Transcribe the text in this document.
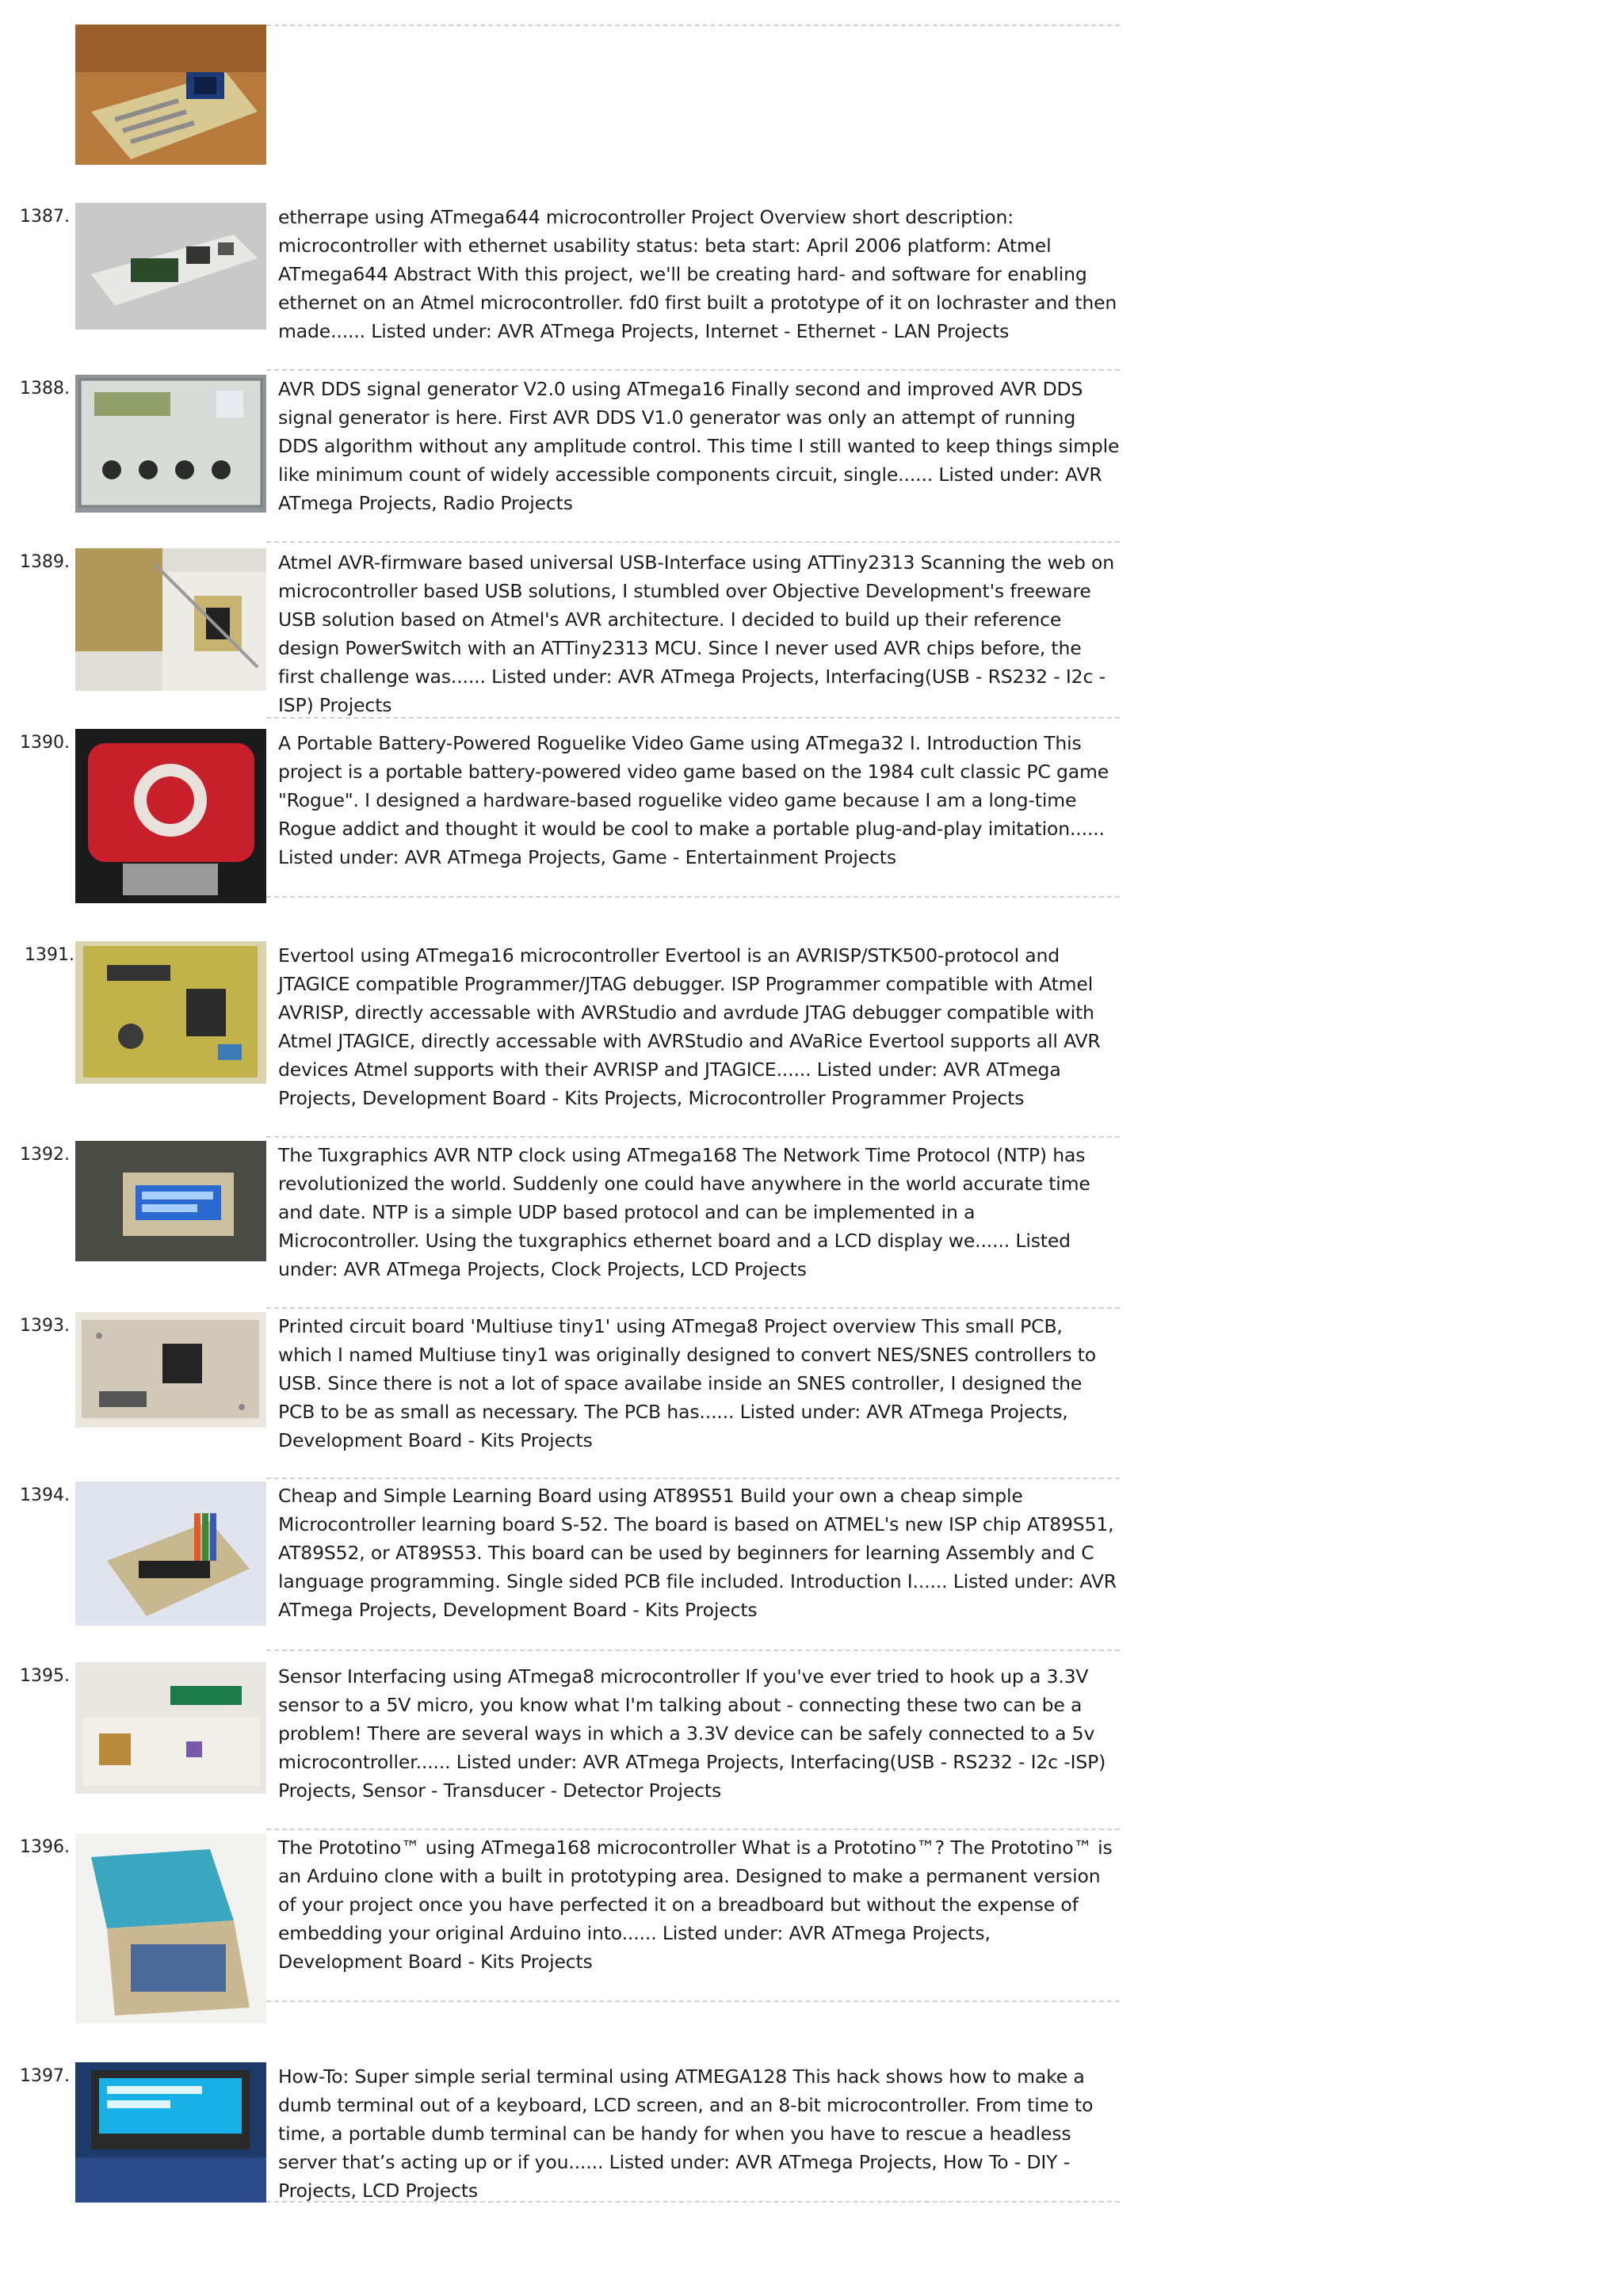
1387.	etherrape using ATmega644 microcontroller Project Overview short description: microcontroller with ethernet usability status: beta start: April 2006 platform: Atmel ATmega644 Abstract With this project, we'll be creating hard- and software for enabling ethernet on an Atmel microcontroller. fd0 first built a prototype of it on lochraster and then made...... Listed under: AVR ATmega Projects, Internet - Ethernet - LAN Projects
1388.	AVR DDS signal generator V2.0 using ATmega16 Finally second and improved AVR DDS signal generator is here. First AVR DDS V1.0 generator was only an attempt of running DDS algorithm without any amplitude control. This time I still wanted to keep things simple like minimum count of widely accessible components circuit, single...... Listed under: AVR ATmega Projects, Radio Projects
1389.	Atmel AVR-firmware based universal USB-Interface using ATTiny2313 Scanning the web on microcontroller based USB solutions, I stumbled over Objective Development's freeware USB solution based on Atmel's AVR architecture. I decided to build up their reference design PowerSwitch with an ATTiny2313 MCU. Since I never used AVR chips before, the first challenge was...... Listed under: AVR ATmega Projects, Interfacing(USB - RS232 - I2c -ISP) Projects
1390.	A Portable Battery-Powered Roguelike Video Game using ATmega32 I. Introduction This project is a portable battery-powered video game based on the 1984 cult classic PC game "Rogue". I designed a hardware-based roguelike video game because I am a long-time Rogue addict and thought it would be cool to make a portable plug-and-play imitation...... Listed under: AVR ATmega Projects, Game - Entertainment Projects
1391.	Evertool using ATmega16 microcontroller Evertool is an AVRISP/STK500-protocol and JTAGICE compatible Programmer/JTAG debugger. ISP Programmer compatible with Atmel AVRISP, directly accessable with AVRStudio and avrdude JTAG debugger compatible with Atmel JTAGICE, directly accessable with AVRStudio and AVaRice Evertool supports all AVR devices Atmel supports with their AVRISP and JTAGICE...... Listed under: AVR ATmega Projects, Development Board - Kits Projects, Microcontroller Programmer Projects
1392.	The Tuxgraphics AVR NTP clock using ATmega168 The Network Time Protocol (NTP) has revolutionized the world. Suddenly one could have anywhere in the world accurate time and date. NTP is a simple UDP based protocol and can be implemented in a Microcontroller. Using the tuxgraphics ethernet board and a LCD display we...... Listed under: AVR ATmega Projects, Clock Projects, LCD Projects
1393.	Printed circuit board 'Multiuse tiny1' using ATmega8 Project overview This small PCB, which I named Multiuse tiny1 was originally designed to convert NES/SNES controllers to USB. Since there is not a lot of space availabe inside an SNES controller, I designed the PCB to be as small as necessary. The PCB has...... Listed under: AVR ATmega Projects, Development Board - Kits Projects
1394.	Cheap and Simple Learning Board using AT89S51 Build your own a cheap simple Microcontroller learning board S-52. The board is based on ATMEL's new ISP chip AT89S51, AT89S52, or AT89S53. This board can be used by beginners for learning Assembly and C language programming. Single sided PCB file included. Introduction I...... Listed under: AVR ATmega Projects, Development Board - Kits Projects
1395.	Sensor Interfacing using ATmega8 microcontroller If you've ever tried to hook up a 3.3V sensor to a 5V micro, you know what I'm talking about - connecting these two can be a problem! There are several ways in which a 3.3V device can be safely connected to a 5v microcontroller...... Listed under: AVR ATmega Projects, Interfacing(USB - RS232 - I2c -ISP) Projects, Sensor - Transducer - Detector Projects
1396.	The Prototino™ using ATmega168 microcontroller What is a Prototino™? The Prototino™ is an Arduino clone with a built in prototyping area. Designed to make a permanent version of your project once you have perfected it on a breadboard but without the expense of embedding your original Arduino into...... Listed under: AVR ATmega Projects, Development Board - Kits Projects
1397.	How-To: Super simple serial terminal using ATMEGA128 This hack shows how to make a dumb terminal out of a keyboard, LCD screen, and an 8-bit microcontroller. From time to time, a portable dumb terminal can be handy for when you have to rescue a headless server that’s acting up or if you...... Listed under: AVR ATmega Projects, How To - DIY - Projects, LCD Projects
